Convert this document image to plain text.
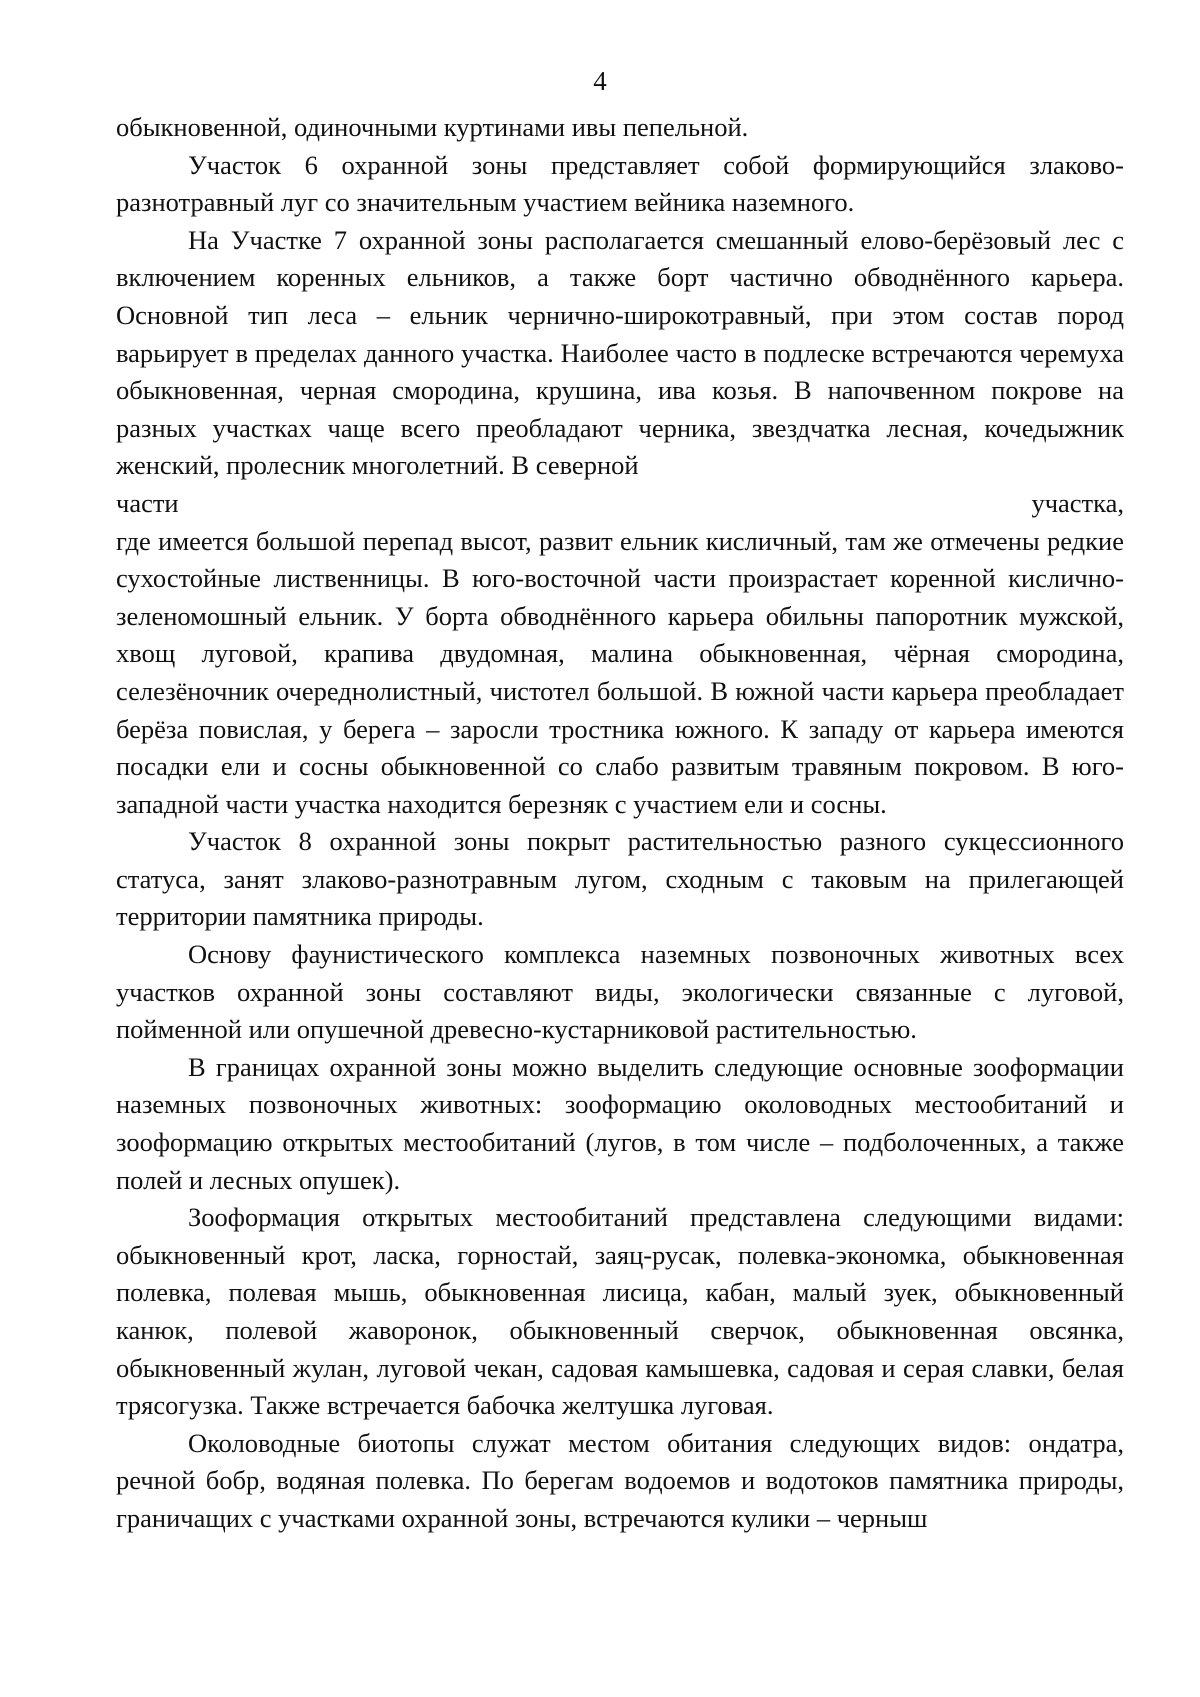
4

обыкновенной, одиночными куртинами ивы пепельной.

Участок 6 охранной зоны представляет собой формирующийся злаково-разнотравный луг со значительным участием вейника наземного.

На Участке 7 охранной зоны располагается смешанный елово-берёзовый лес с включением коренных ельников, а также борт частично обводнённого карьера. Основной тип леса – ельник чернично-широкотравный, при этом состав пород варьирует в пределах данного участка. Наиболее часто в подлеске встречаются черемуха обыкновенная, черная смородина, крушина, ива козья. В напочвенном покрове на разных участках чаще всего преобладают черника, звездчатка лесная, кочедыжник женский, пролесник многолетний. В северной

части	участка,

где имеется большой перепад высот, развит ельник кисличный, там же отмечены редкие сухостойные лиственницы. В юго-восточной части произрастает коренной кислично-зеленомошный ельник. У борта обводнённого карьера обильны папоротник мужской, хвощ луговой, крапива двудомная, малина обыкновенная, чёрная смородина, селезёночник очереднолистный, чистотел большой. В южной части карьера преобладает берёза повислая, у берега – заросли тростника южного. К западу от карьера имеются посадки ели и сосны обыкновенной со слабо развитым травяным покровом. В юго-западной части участка находится березняк с участием ели и сосны.

Участок 8 охранной зоны покрыт растительностью разного сукцессионного статуса, занят злаково-разнотравным лугом, сходным с таковым на прилегающей территории памятника природы.

Основу фаунистического комплекса наземных позвоночных животных всех участков охранной зоны составляют виды, экологически связанные с луговой, пойменной или опушечной древесно-кустарниковой растительностью.

В границах охранной зоны можно выделить следующие основные зооформации наземных позвоночных животных: зооформацию околоводных местообитаний и зооформацию открытых местообитаний (лугов, в том числе – подболоченных, а также полей и лесных опушек).

Зооформация открытых местообитаний представлена следующими видами: обыкновенный крот, ласка, горностай, заяц-русак, полевка-экономка, обыкновенная полевка, полевая мышь, обыкновенная лисица, кабан, малый зуек, обыкновенный канюк, полевой жаворонок, обыкновенный сверчок, обыкновенная овсянка, обыкновенный жулан, луговой чекан, садовая камышевка, садовая и серая славки, белая трясогузка. Также встречается бабочка желтушка луговая.

Околоводные биотопы служат местом обитания следующих видов: ондатра, речной бобр, водяная полевка. По берегам водоемов и водотоков памятника природы, граничащих с участками охранной зоны, встречаются кулики – черныш
